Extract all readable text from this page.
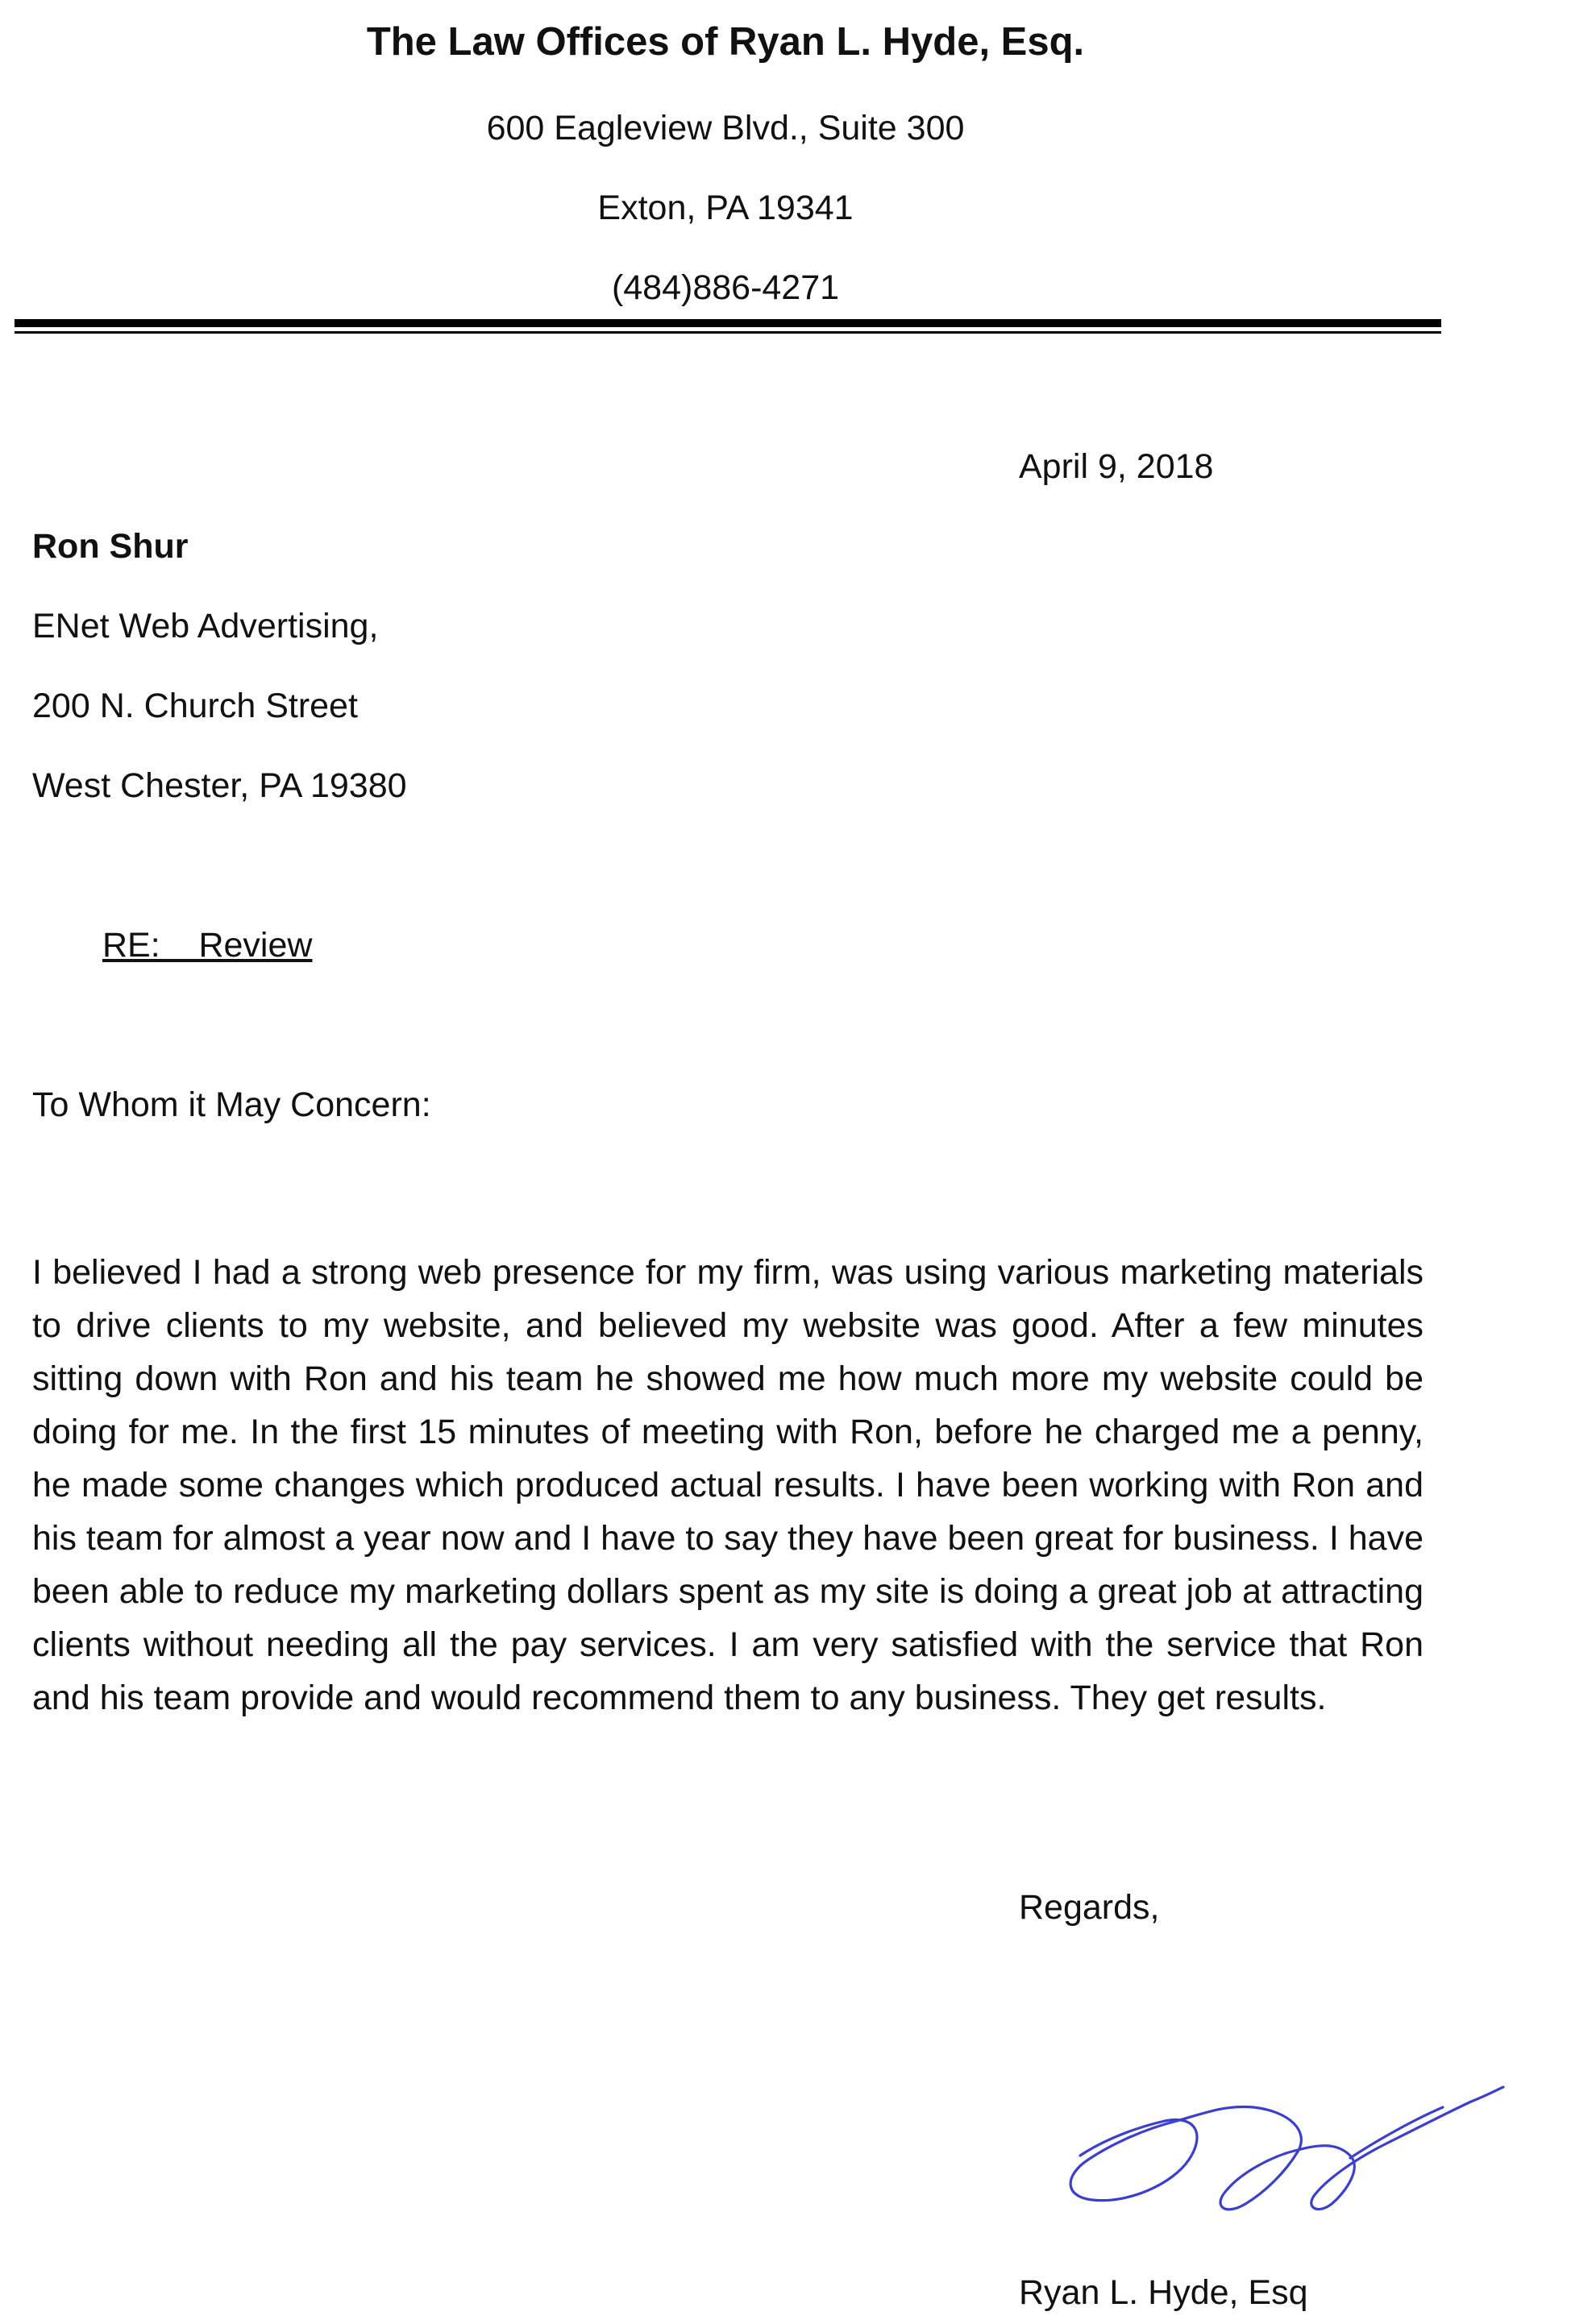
The Law Offices of Ryan L. Hyde, Esq.
600 Eagleview Blvd., Suite 300
Exton, PA 19341
(484)886-4271
April 9, 2018
Ron Shur
ENet Web Advertising,
200 N. Church Street
West Chester, PA 19380
RE:    Review
To Whom it May Concern:
I believed I had a strong web presence for my firm, was using various marketing materials to drive clients to my website, and believed my website was good. After a few minutes sitting down with Ron and his team he showed me how much more my website could be doing for me. In the first 15 minutes of meeting with Ron, before he charged me a penny, he made some changes which produced actual results. I have been working with Ron and his team for almost a year now and I have to say they have been great for business. I have been able to reduce my marketing dollars spent as my site is doing a great job at attracting clients without needing all the pay services. I am very satisfied with the service that Ron and his team provide and would recommend them to any business. They get results.
Regards,
Ryan L. Hyde, Esq
